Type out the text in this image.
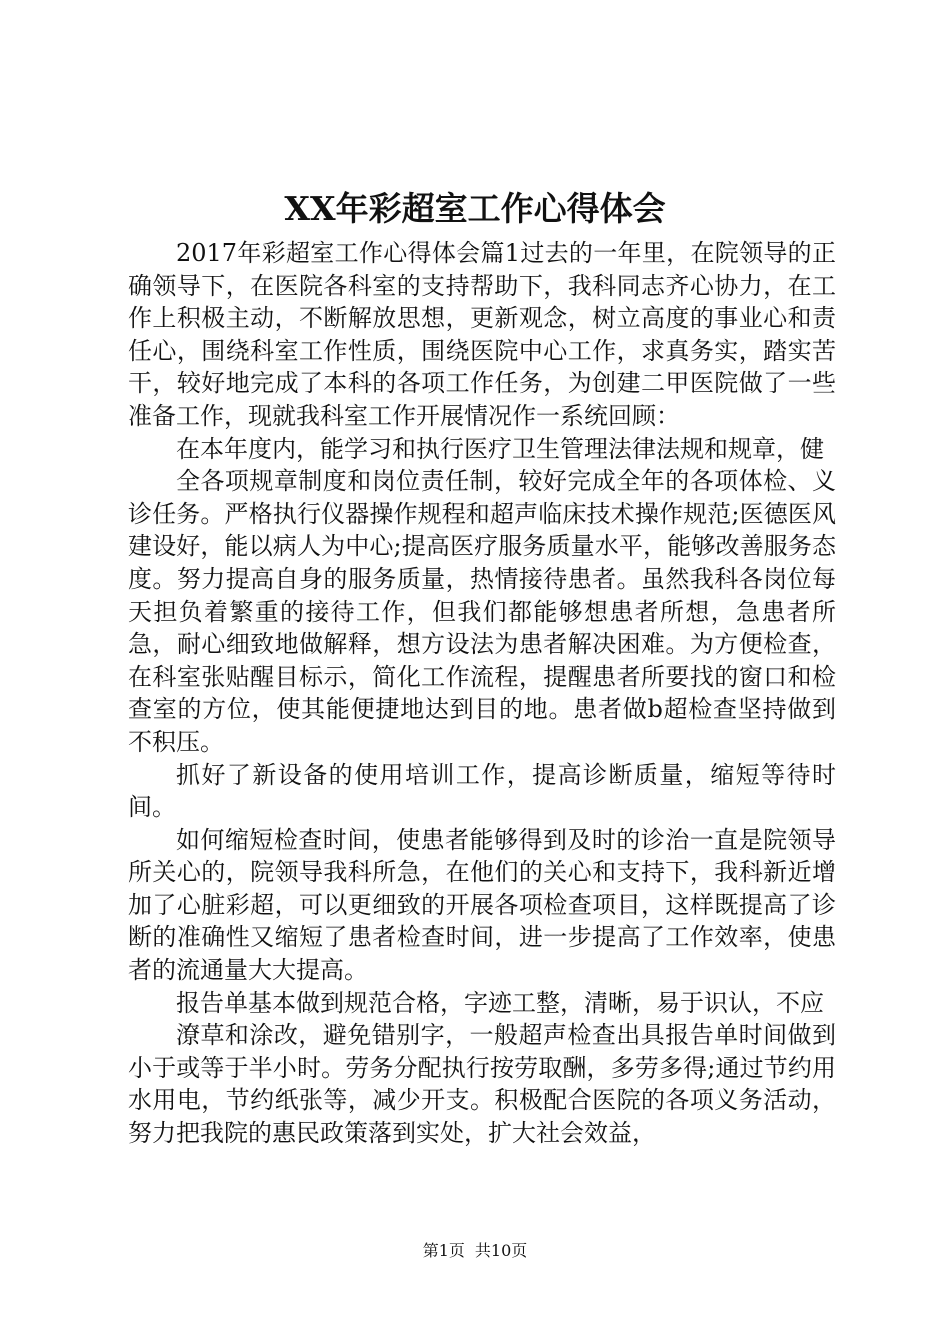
XX年彩超室工作心得体会

2017年彩超室工作心得体会篇1过去的一年里，在院领导的正确领导下，在医院各科室的支持帮助下，我科同志齐心协力，在工作上积极主动，不断解放思想，更新观念，树立高度的事业心和责任心，围绕科室工作性质，围绕医院中心工作，求真务实，踏实苦干，较好地完成了本科的各项工作任务，为创建二甲医院做了一些准备工作，现就我科室工作开展情况作一系统回顾：

在本年度内，能学习和执行医疗卫生管理法律法规和规章，健

全各项规章制度和岗位责任制，较好完成全年的各项体检、义诊任务。严格执行仪器操作规程和超声临床技术操作规范;医德医风建设好，能以病人为中心;提高医疗服务质量水平，能够改善服务态度。努力提高自身的服务质量，热情接待患者。虽然我科各岗位每天担负着繁重的接待工作，但我们都能够想患者所想，急患者所急，耐心细致地做解释，想方设法为患者解决困难。为方便检查，在科室张贴醒目标示，简化工作流程，提醒患者所要找的窗口和检查室的方位，使其能便捷地达到目的地。患者做b超检查坚持做到不积压。

抓好了新设备的使用培训工作，提高诊断质量，缩短等待时间。

如何缩短检查时间，使患者能够得到及时的诊治一直是院领导所关心的，院领导我科所急，在他们的关心和支持下，我科新近增加了心脏彩超，可以更细致的开展各项检查项目，这样既提高了诊断的准确性又缩短了患者检查时间，进一步提高了工作效率，使患者的流通量大大提高。

报告单基本做到规范合格，字迹工整，清晰，易于识认，不应

潦草和涂改，避免错别字，一般超声检查出具报告单时间做到小于或等于半小时。劳务分配执行按劳取酬，多劳多得;通过节约用水用电，节约纸张等，减少开支。积极配合医院的各项义务活动，努力把我院的惠民政策落到实处，扩大社会效益，

第1页 共10页
